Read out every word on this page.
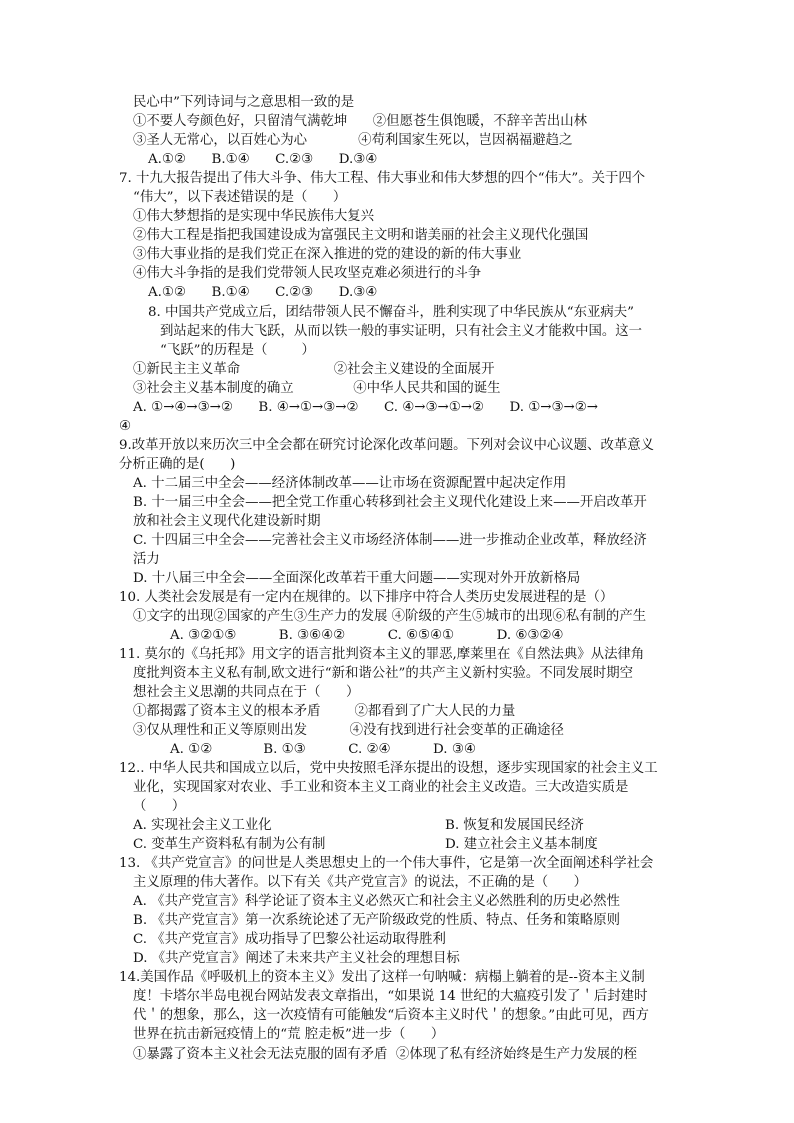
民心中”下列诗词与之意思相一致的是
①不要人夸颜色好，只留清气满乾坤      ②但愿苍生俱饱暖，不辞辛苦出山林
③圣人无常心，以百姓心为心            ④苟利国家生死以，岂因祸福避趋之
A.①②      B.①④      C.②③      D.③④
7. 十九大报告提出了伟大斗争、伟大工程、伟大事业和伟大梦想的四个“伟大”。关于四个
“伟大”，以下表述错误的是（      ）
①伟大梦想指的是实现中华民族伟大复兴
②伟大工程是指把我国建设成为富强民主文明和谐美丽的社会主义现代化强国
③伟大事业指的是我们党正在深入推进的党的建设的新的伟大事业
④伟大斗争指的是我们党带领人民攻坚克难必须进行的斗争
A.①②      B.①④      C.②③      D.③④
8. 中国共产党成立后，团结带领人民不懈奋斗，胜利实现了中华民族从“东亚病夫”
到站起来的伟大飞跃，从而以铁一般的事实证明，只有社会主义才能救中国。这一
“飞跃”的历程是（        ）
①新民主主义革命                      ②社会主义建设的全面展开
③社会主义基本制度的确立              ④中华人民共和国的诞生
A. ①→④→③→②      B. ④→①→③→②      C. ④→③→①→②      D. ①→③→②→
④
9.改革开放以来历次三中全会都在研究讨论深化改革问题。下列对会议中心议题、改革意义
分析正确的是(      )
A. 十二届三中全会——经济体制改革——让市场在资源配置中起决定作用
B. 十一届三中全会——把全党工作重心转移到社会主义现代化建设上来——开启改革开
放和社会主义现代化建设新时期
C. 十四届三中全会——完善社会主义市场经济体制——进一步推动企业改革，释放经济
活力
D. 十八届三中全会——全面深化改革若干重大问题——实现对外开放新格局
10. 人类社会发展是有一定内在规律的。以下排序中符合人类历史发展进程的是（）
①文字的出现②国家的产生③生产力的发展 ④阶级的产生⑤城市的出现⑥私有制的产生
A. ③②①⑤          B. ③⑥④②          C. ⑥⑤④①          D. ⑥③②④
11. 莫尔的《乌托邦》用文字的语言批判资本主义的罪恶,摩莱里在《自然法典》从法律角
度批判资本主义私有制,欧文进行“新和谐公社”的共产主义新村实验。不同发展时期空
想社会主义思潮的共同点在于（      ）
①都揭露了资本主义的根本矛盾        ②都看到了广大人民的力量
③仅从理性和正义等原则出发          ④没有找到进行社会变革的正确途径
A. ①②            B. ①③          C. ②④          D. ③④
12.. 中华人民共和国成立以后，党中央按照毛泽东提出的设想，逐步实现国家的社会主义工
业化，实现国家对农业、手工业和资本主义工商业的社会主义改造。三大改造实质是
（      ）
A. 实现社会主义工业化	B. 恢复和发展国民经济
C. 变革生产资料私有制为公有制	D. 建立社会主义基本制度
13. 《共产党宣言》的问世是人类思想史上的一个伟大事件，它是第一次全面阐述科学社会
主义原理的伟大著作。以下有关《共产党宣言》的说法，不正确的是（      ）
A. 《共产党宣言》科学论证了资本主义必然灭亡和社会主义必然胜利的历史必然性
B. 《共产党宣言》第一次系统论述了无产阶级政党的性质、特点、任务和策略原则
C. 《共产党宣言》成功指导了巴黎公社运动取得胜利
D. 《共产党宣言》阐述了未来共产主义社会的理想目标
14.美国作品《呼吸机上的资本主义》发出了这样一句呐喊：病榻上躺着的是--资本主义制
度！卡塔尔半岛电视台网站发表文章指出，“如果说 14 世纪的大瘟疫引发了＇后封建时
代＇的想象，那么，这一次疫情有可能触发“后资本主义时代＇的想象。”由此可见，西方
世界在抗击新冠疫情上的“荒 腔走板”进一步（      ）
①暴露了资本主义社会无法克服的固有矛盾  ②体现了私有经济始终是生产力发展的桎
